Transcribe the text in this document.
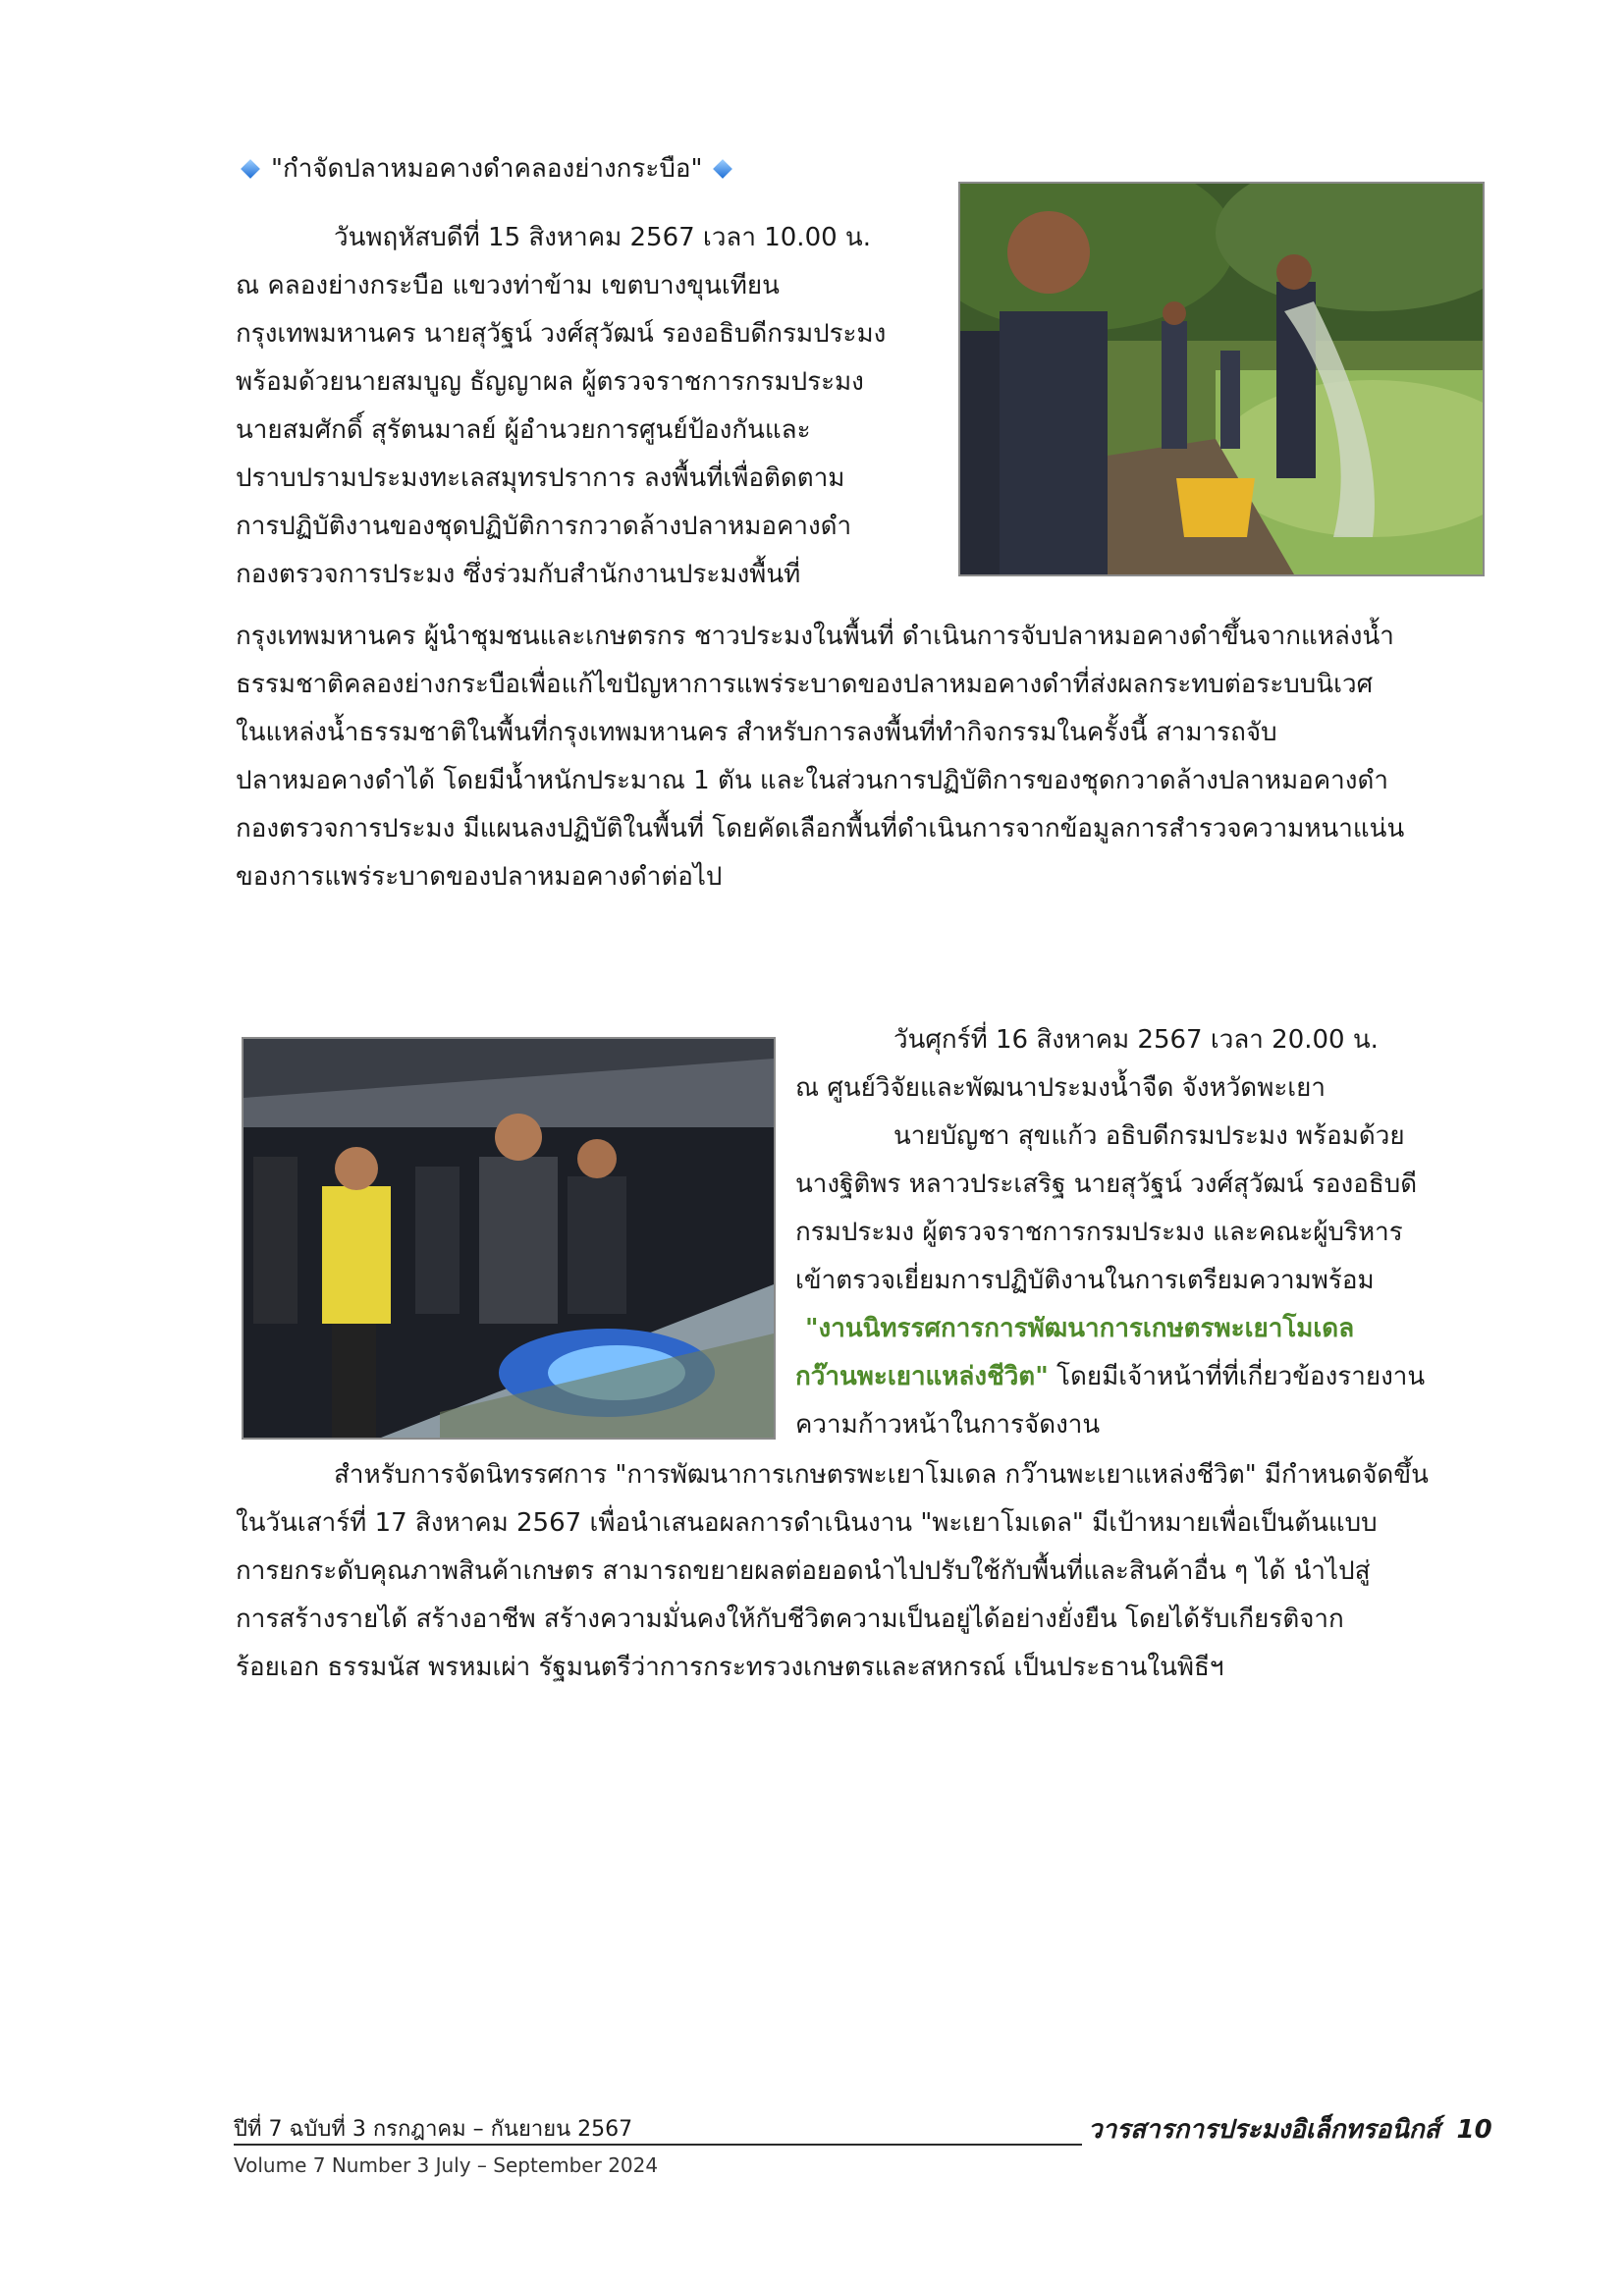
"กำจัดปลาหมอคางดำคลองย่างกระบือ"
วันพฤหัสบดีที่ 15 สิงหาคม 2567 เวลา 10.00 น.
ณ คลองย่างกระบือ แขวงท่าข้าม เขตบางขุนเทียน
กรุงเทพมหานคร นายสุวัฐน์ วงศ์สุวัฒน์ รองอธิบดีกรมประมง
พร้อมด้วยนายสมบูญ ธัญญาผล ผู้ตรวจราชการกรมประมง
นายสมศักดิ์ สุรัตนมาลย์ ผู้อำนวยการศูนย์ป้องกันและ
ปราบปรามประมงทะเลสมุทรปราการ ลงพื้นที่เพื่อติดตาม
การปฏิบัติงานของชุดปฏิบัติการกวาดล้างปลาหมอคางดำ
กองตรวจการประมง ซึ่งร่วมกับสำนักงานประมงพื้นที่
กรุงเทพมหานคร ผู้นำชุมชนและเกษตรกร ชาวประมงในพื้นที่ ดำเนินการจับปลาหมอคางดำขึ้นจากแหล่งน้ำ
ธรรมชาติคลองย่างกระบือเพื่อแก้ไขปัญหาการแพร่ระบาดของปลาหมอคางดำที่ส่งผลกระทบต่อระบบนิเวศ
ในแหล่งน้ำธรรมชาติในพื้นที่กรุงเทพมหานคร สำหรับการลงพื้นที่ทำกิจกรรมในครั้งนี้ สามารถจับ
ปลาหมอคางดำได้ โดยมีน้ำหนักประมาณ 1 ตัน และในส่วนการปฏิบัติการของชุดกวาดล้างปลาหมอคางดำ
กองตรวจการประมง มีแผนลงปฏิบัติในพื้นที่ โดยคัดเลือกพื้นที่ดำเนินการจากข้อมูลการสำรวจความหนาแน่น
ของการแพร่ระบาดของปลาหมอคางดำต่อไป
วันศุกร์ที่ 16 สิงหาคม 2567 เวลา 20.00 น.
ณ ศูนย์วิจัยและพัฒนาประมงน้ำจืด จังหวัดพะเยา
นายบัญชา สุขแก้ว อธิบดีกรมประมง พร้อมด้วย
นางฐิติพร หลาวประเสริฐ นายสุวัฐน์ วงศ์สุวัฒน์ รองอธิบดี
กรมประมง ผู้ตรวจราชการกรมประมง และคณะผู้บริหาร
เข้าตรวจเยี่ยมการปฏิบัติงานในการเตรียมความพร้อม
"งานนิทรรศการการพัฒนาการเกษตรพะเยาโมเดล
กว๊านพะเยาแหล่งชีวิต" โดยมีเจ้าหน้าที่ที่เกี่ยวข้องรายงาน
ความก้าวหน้าในการจัดงาน
สำหรับการจัดนิทรรศการ "การพัฒนาการเกษตรพะเยาโมเดล กว๊านพะเยาแหล่งชีวิต" มีกำหนดจัดขึ้น
ในวันเสาร์ที่ 17 สิงหาคม 2567 เพื่อนำเสนอผลการดำเนินงาน "พะเยาโมเดล" มีเป้าหมายเพื่อเป็นต้นแบบ
การยกระดับคุณภาพสินค้าเกษตร สามารถขยายผลต่อยอดนำไปปรับใช้กับพื้นที่และสินค้าอื่น ๆ ได้ นำไปสู่
การสร้างรายได้ สร้างอาชีพ สร้างความมั่นคงให้กับชีวิตความเป็นอยู่ได้อย่างยั่งยืน โดยได้รับเกียรติจาก
ร้อยเอก ธรรมนัส พรหมเผ่า รัฐมนตรีว่าการกระทรวงเกษตรและสหกรณ์ เป็นประธานในพิธีฯ
ปีที่ 7 ฉบับที่ 3 กรกฎาคม – กันยายน 2567
Volume 7 Number 3 July – September 2024
วารสารการประมงอิเล็กทรอนิกส์ 10
